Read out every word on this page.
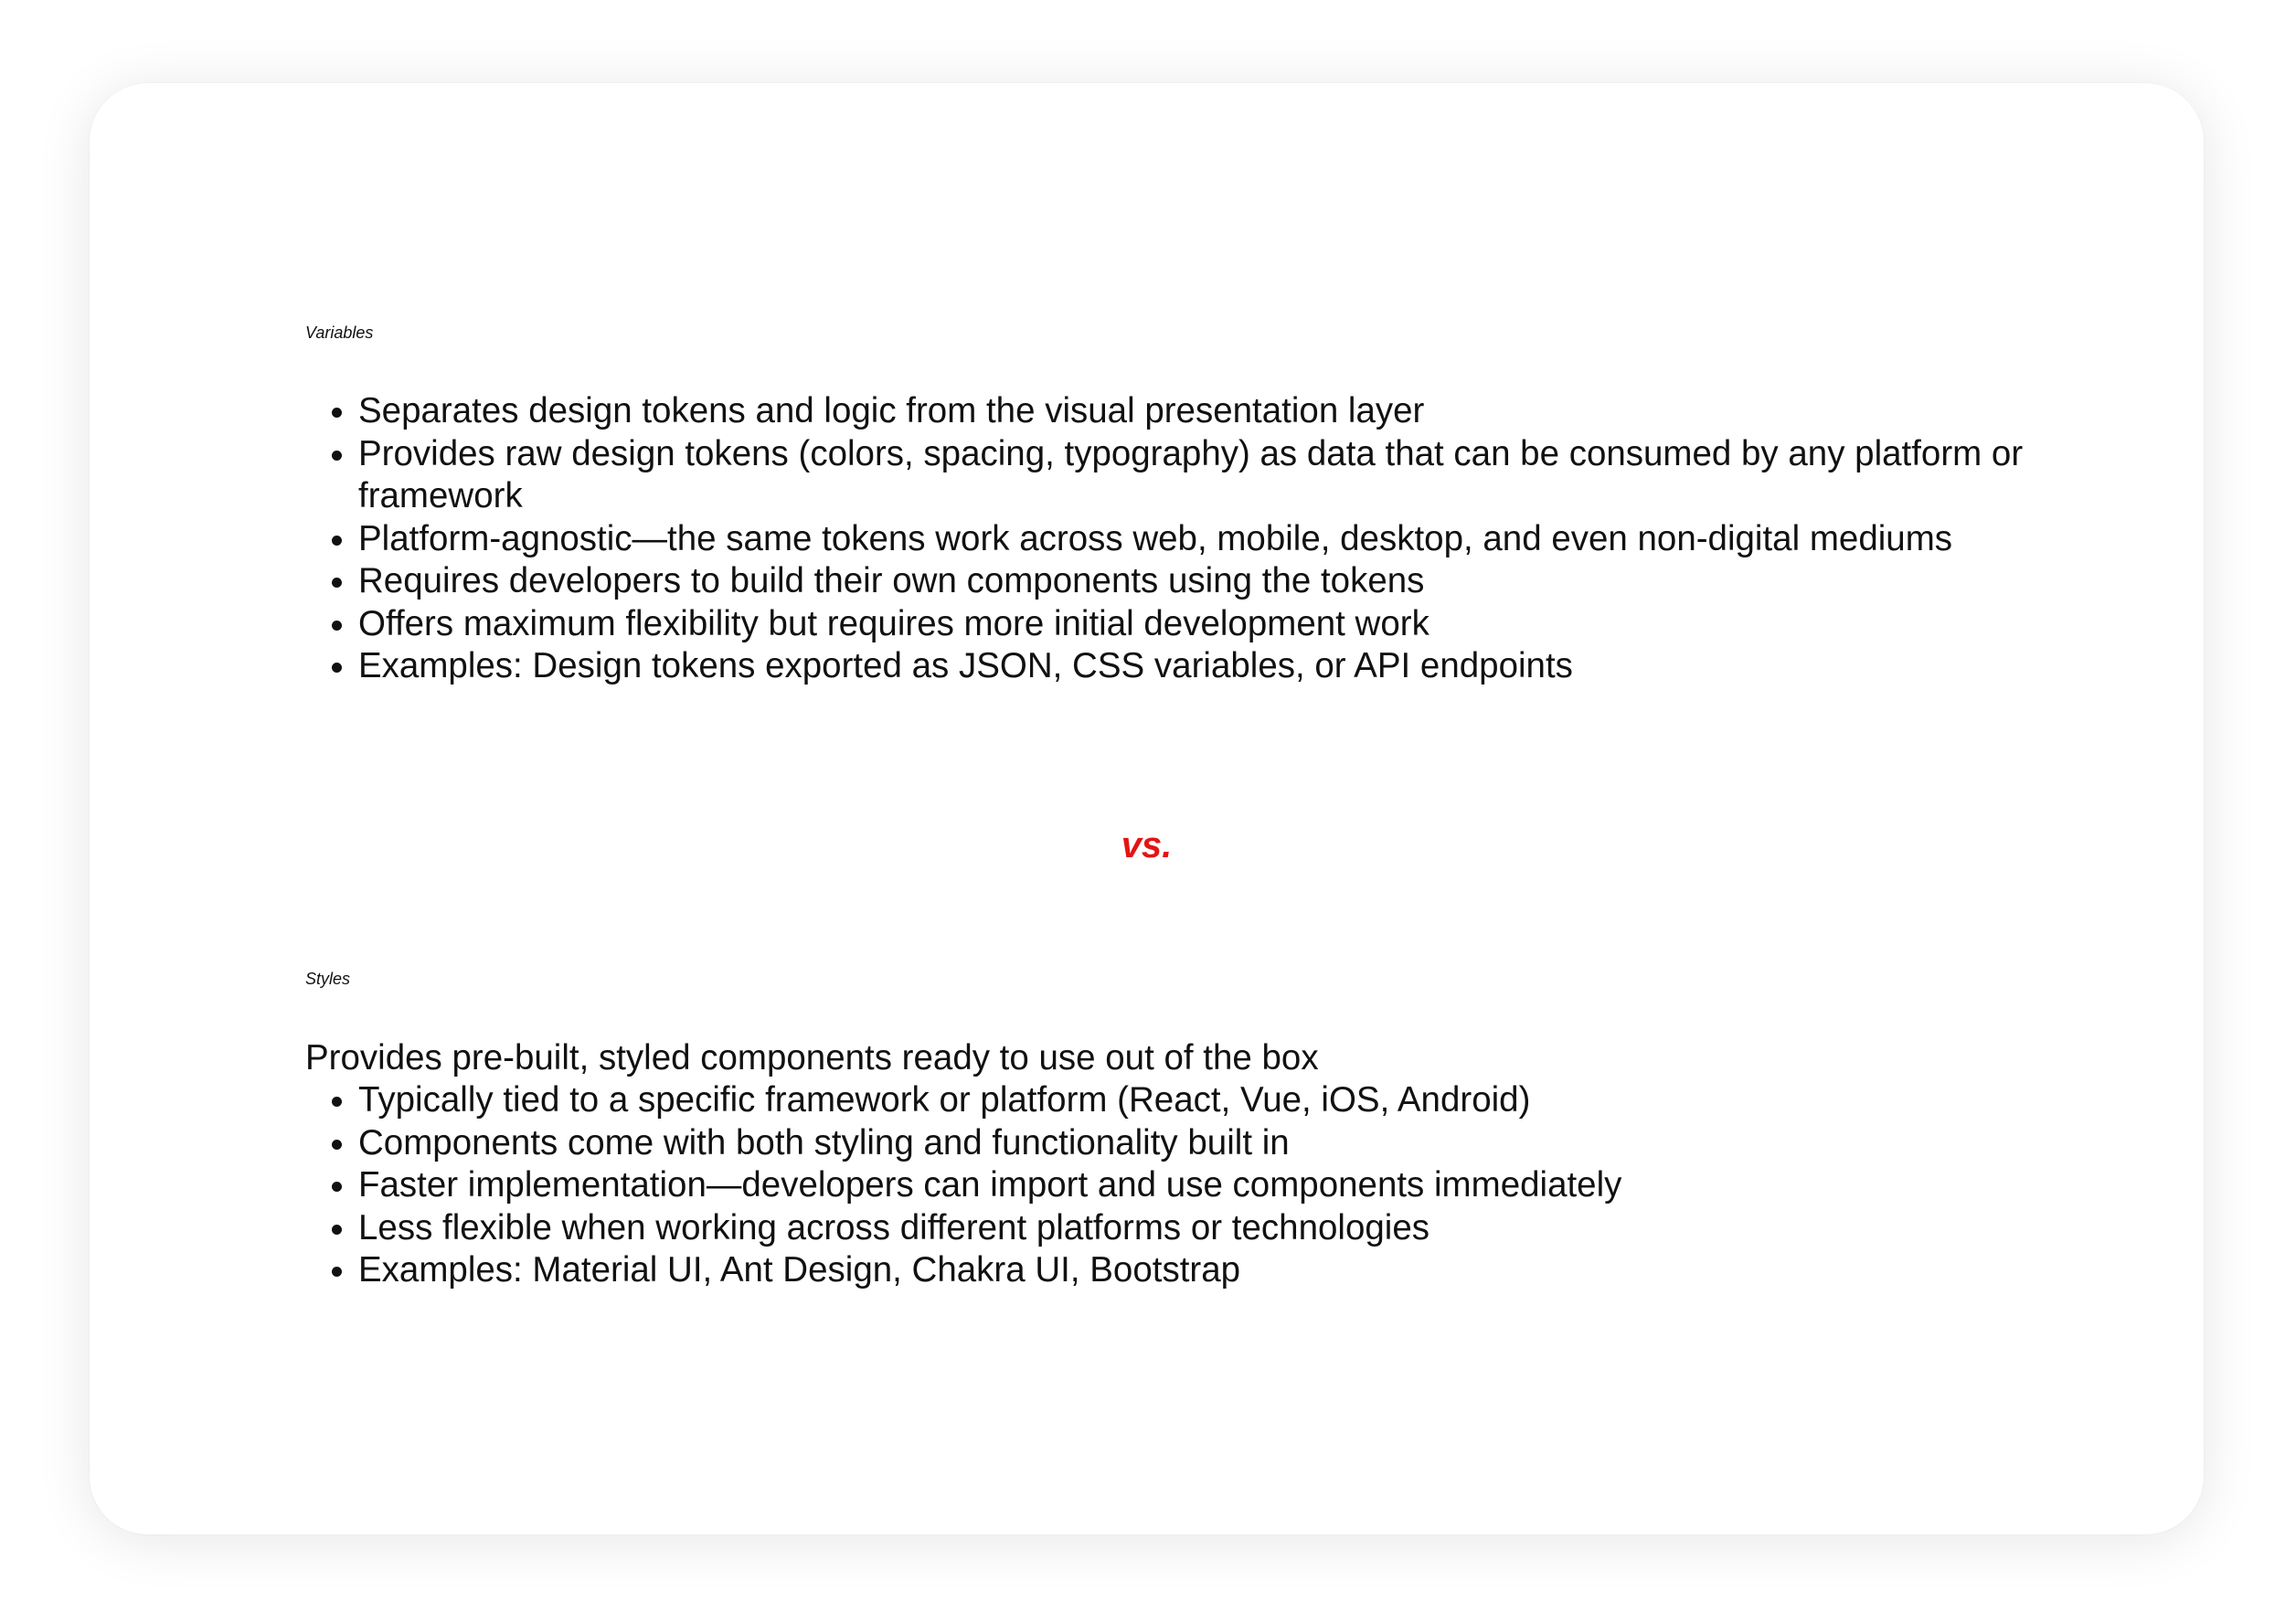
Variables
• Separates design tokens and logic from the visual presentation layer
• Provides raw design tokens (colors, spacing, typography) as data that can be consumed by any platform or framework
• Platform-agnostic—the same tokens work across web, mobile, desktop, and even non-digital mediums
• Requires developers to build their own components using the tokens
• Offers maximum flexibility but requires more initial development work
• Examples: Design tokens exported as JSON, CSS variables, or API endpoints
Styles
Provides pre-built, styled components ready to use out of the box
• Typically tied to a specific framework or platform (React, Vue, iOS, Android)
• Components come with both styling and functionality built in
• Faster implementation—developers can import and use components immediately
• Less flexible when working across different platforms or technologies
• Examples: Material UI, Ant Design, Chakra UI, Bootstrap
vs.
